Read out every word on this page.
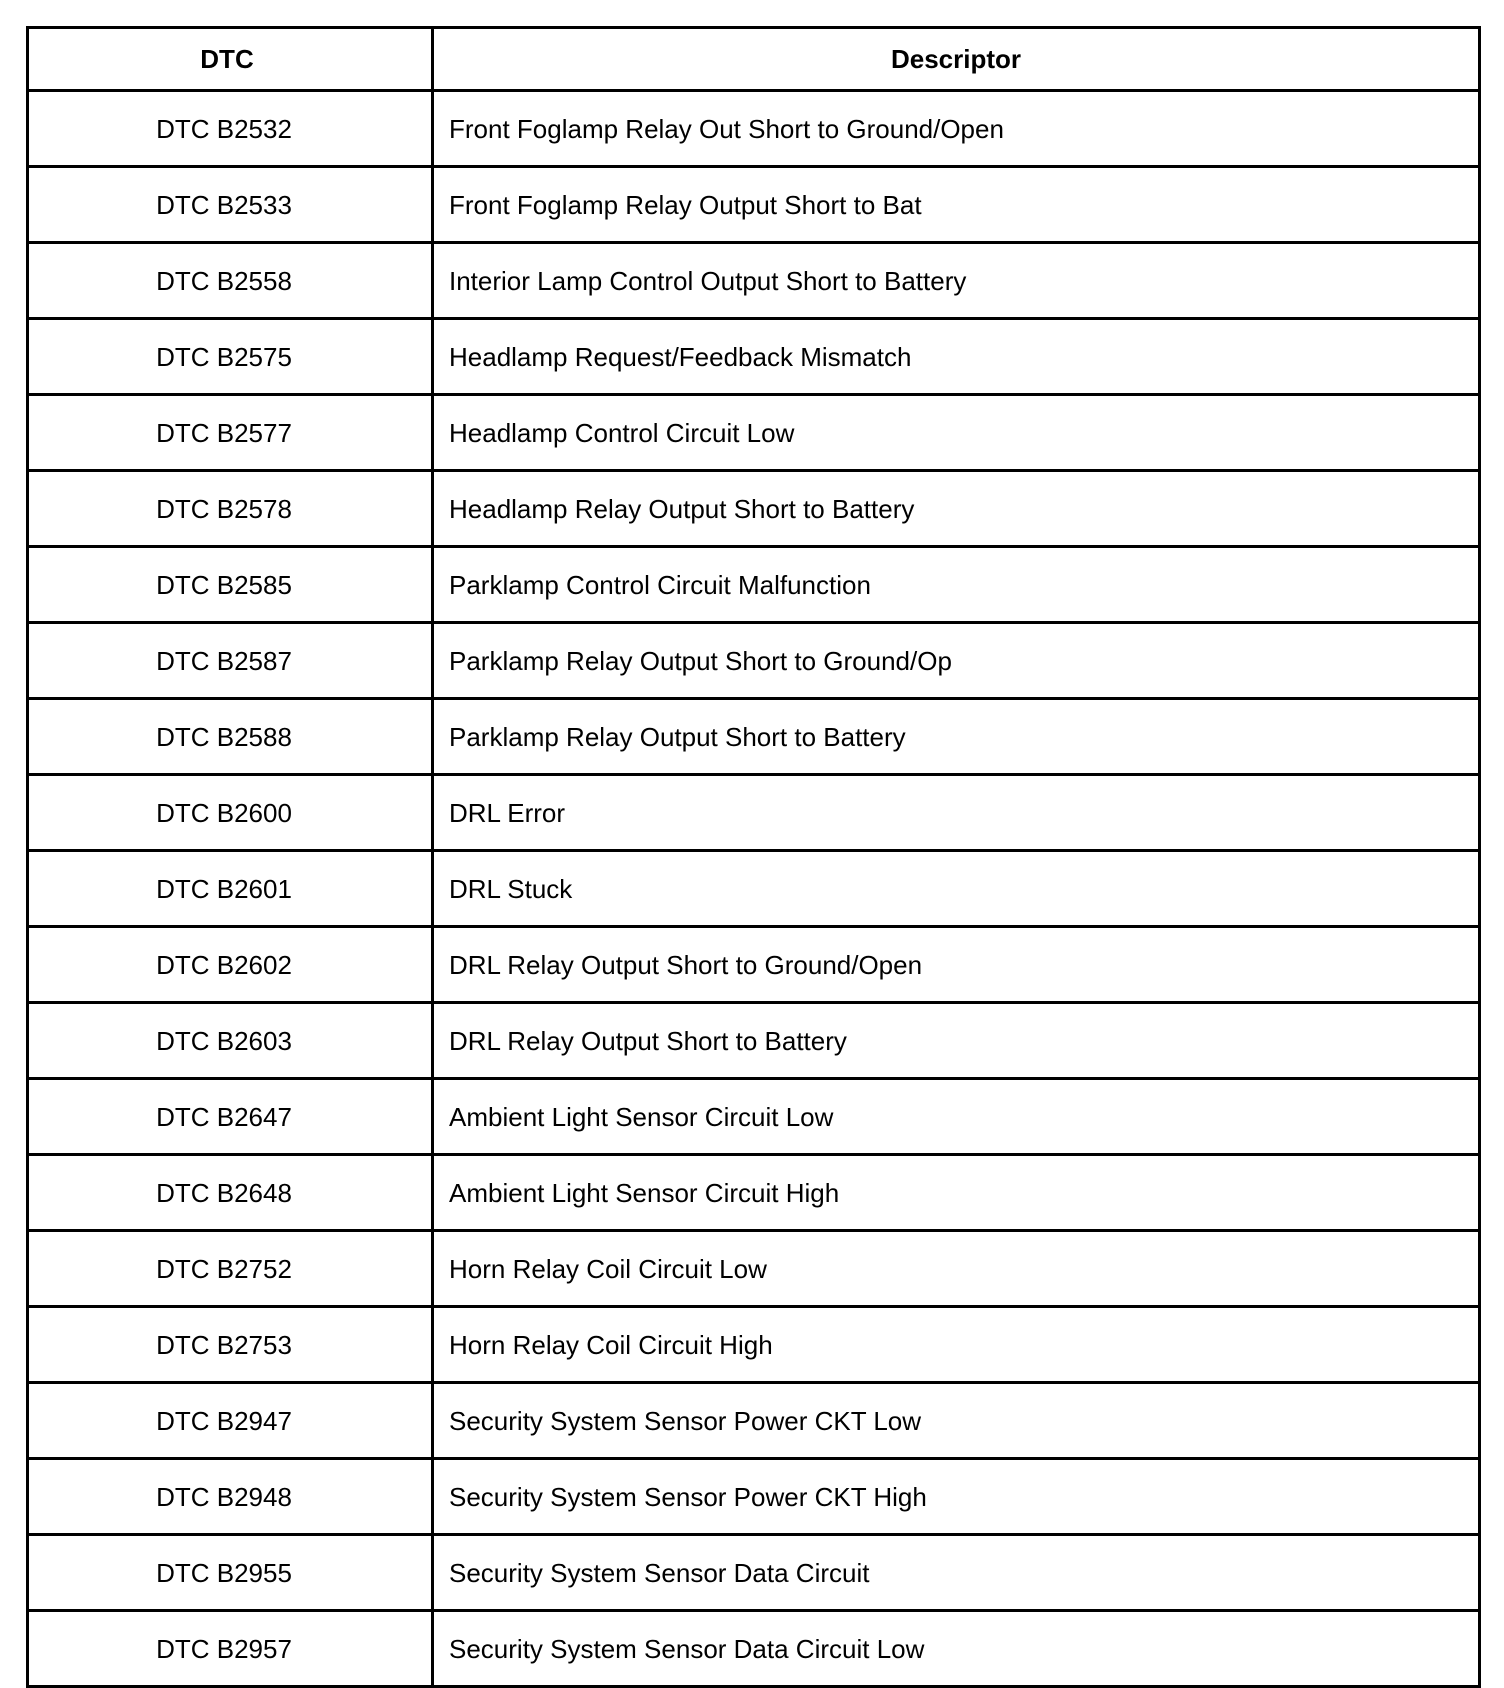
DTC	Descriptor
DTC B2532	Front Foglamp Relay Out Short to Ground/Open
DTC B2533	Front Foglamp Relay Output Short to Bat
DTC B2558	Interior Lamp Control Output Short to Battery
DTC B2575	Headlamp Request/Feedback Mismatch
DTC B2577	Headlamp Control Circuit Low
DTC B2578	Headlamp Relay Output Short to Battery
DTC B2585	Parklamp Control Circuit Malfunction
DTC B2587	Parklamp Relay Output Short to Ground/Op
DTC B2588	Parklamp Relay Output Short to Battery
DTC B2600	DRL Error
DTC B2601	DRL Stuck
DTC B2602	DRL Relay Output Short to Ground/Open
DTC B2603	DRL Relay Output Short to Battery
DTC B2647	Ambient Light Sensor Circuit Low
DTC B2648	Ambient Light Sensor Circuit High
DTC B2752	Horn Relay Coil Circuit Low
DTC B2753	Horn Relay Coil Circuit High
DTC B2947	Security System Sensor Power CKT Low
DTC B2948	Security System Sensor Power CKT High
DTC B2955	Security System Sensor Data Circuit
DTC B2957	Security System Sensor Data Circuit Low
